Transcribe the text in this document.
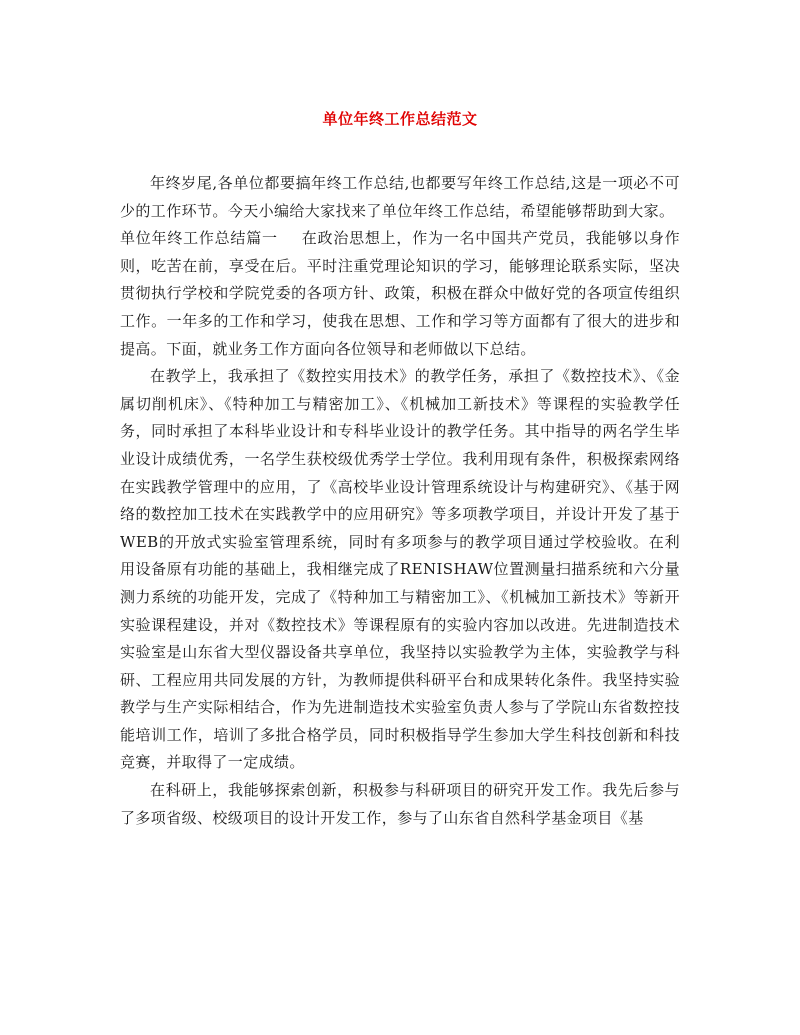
单位年终工作总结范文

年终岁尾,各单位都要搞年终工作总结,也都要写年终工作总结,这是一项必不可少的工作环节。今天小编给大家找来了单位年终工作总结，希望能够帮助到大家。

单位年终工作总结篇一 在政治思想上，作为一名中国共产党员，我能够以身作则，吃苦在前，享受在后。平时注重党理论知识的学习，能够理论联系实际，坚决贯彻执行学校和学院党委的各项方针、政策，积极在群众中做好党的各项宣传组织工作。一年多的工作和学习，使我在思想、工作和学习等方面都有了很大的进步和提高。下面，就业务工作方面向各位领导和老师做以下总结。

在教学上，我承担了《数控实用技术》的教学任务，承担了《数控技术》、《金属切削机床》、《特种加工与精密加工》、《机械加工新技术》等课程的实验教学任务，同时承担了本科毕业设计和专科毕业设计的教学任务。其中指导的两名学生毕业设计成绩优秀，一名学生获校级优秀学士学位。我利用现有条件，积极探索网络在实践教学管理中的应用，了《高校毕业设计管理系统设计与构建研究》、《基于网络的数控加工技术在实践教学中的应用研究》等多项教学项目，并设计开发了基于WEB的开放式实验室管理系统，同时有多项参与的教学项目通过学校验收。在利用设备原有功能的基础上，我相继完成了RENISHAW位置测量扫描系统和六分量测力系统的功能开发，完成了《特种加工与精密加工》、《机械加工新技术》等新开实验课程建设，并对《数控技术》等课程原有的实验内容加以改进。先进制造技术实验室是山东省大型仪器设备共享单位，我坚持以实验教学为主体，实验教学与科研、工程应用共同发展的方针，为教师提供科研平台和成果转化条件。我坚持实验教学与生产实际相结合，作为先进制造技术实验室负责人参与了学院山东省数控技能培训工作，培训了多批合格学员，同时积极指导学生参加大学生科技创新和科技竞赛，并取得了一定成绩。

在科研上，我能够探索创新，积极参与科研项目的研究开发工作。我先后参与了多项省级、校级项目的设计开发工作，参与了山东省自然科学基金项目《基
